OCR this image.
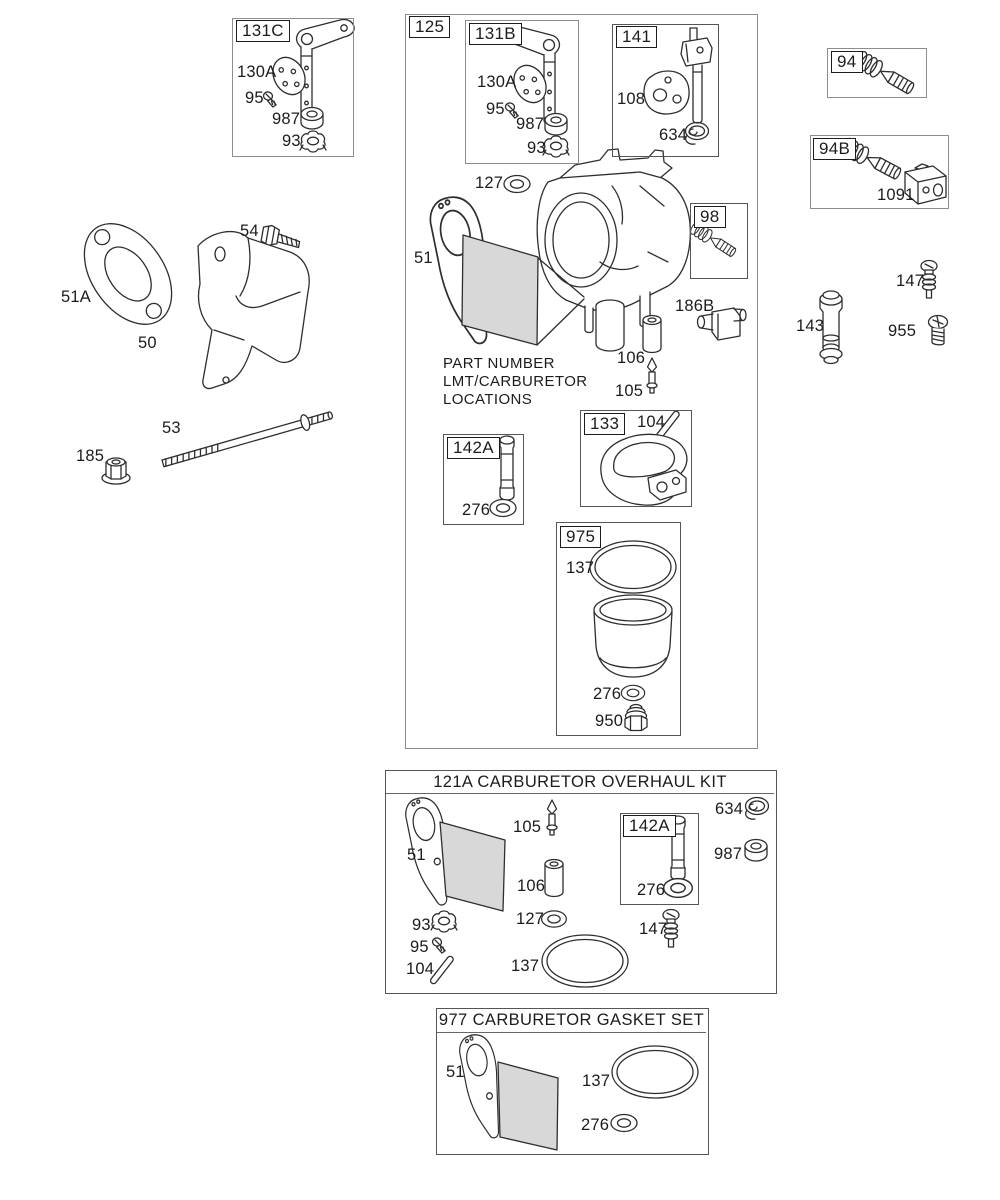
121A CARBURETOR OVERHAUL KIT
977 CARBURETOR GASKET SET
131C	125	131B	141
98
142A
133
975
94
94B
142A
130A
95
987
93
130A
95
987
93
108
634
127
51
PART NUMBER
LMT/CARBURETOR
LOCATIONS
186B
106
105
276
104
137
276
950
1091
147
955
143
54
51A
50
53
185
51
105
106
127
137
93
95
104
276
147
634
987
51	137
276
